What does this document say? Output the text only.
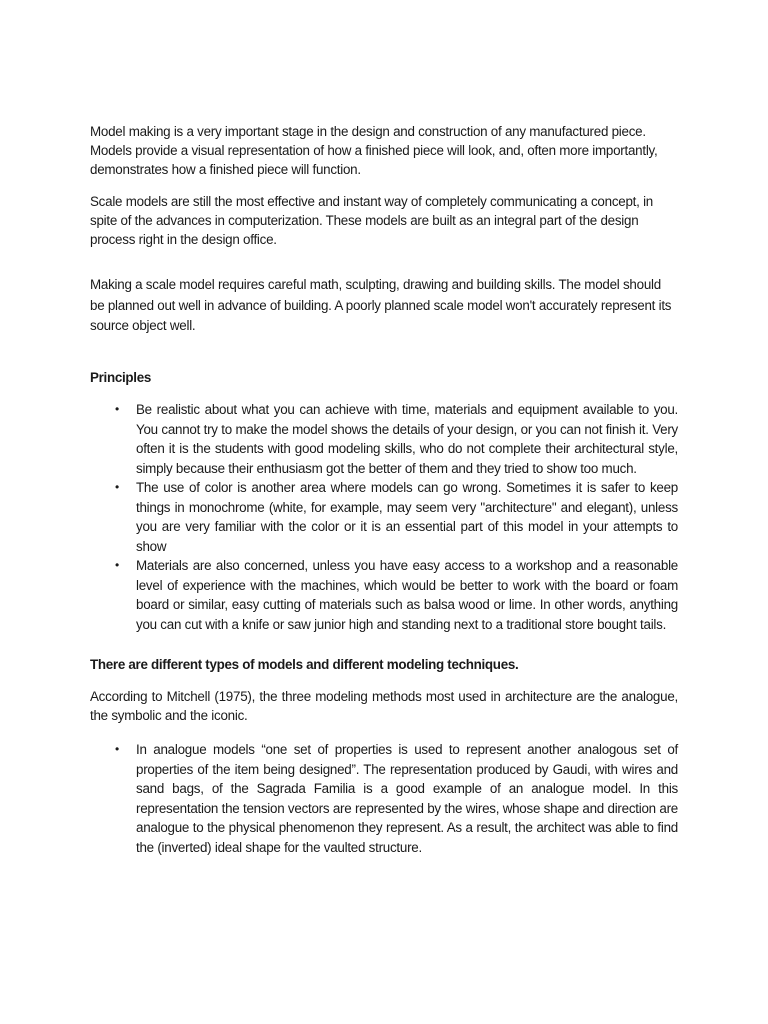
Model making is a very important stage in the design and construction of any manufactured piece. Models provide a visual representation of how a finished piece will look, and, often more importantly, demonstrates how a finished piece will function.

Scale models are still the most effective and instant way of completely communicating a concept, in spite of the advances in computerization. These models are built as an integral part of the design process right in the design office.

Making a scale model requires careful math, sculpting, drawing and building skills. The model should be planned out well in advance of building. A poorly planned scale model won't accurately represent its source object well.

Principles

• Be realistic about what you can achieve with time, materials and equipment available to you. You cannot try to make the model shows the details of your design, or you can not finish it. Very often it is the students with good modeling skills, who do not complete their architectural style, simply because their enthusiasm got the better of them and they tried to show too much.
• The use of color is another area where models can go wrong. Sometimes it is safer to keep things in monochrome (white, for example, may seem very "architecture" and elegant), unless you are very familiar with the color or it is an essential part of this model in your attempts to show
• Materials are also concerned, unless you have easy access to a workshop and a reasonable level of experience with the machines, which would be better to work with the board or foam board or similar, easy cutting of materials such as balsa wood or lime. In other words, anything you can cut with a knife or saw junior high and standing next to a traditional store bought tails.

There are different types of models and different modeling techniques.

According to Mitchell (1975), the three modeling methods most used in architecture are the analogue, the symbolic and the iconic.

• In analogue models “one set of properties is used to represent another analogous set of properties of the item being designed”. The representation produced by Gaudi, with wires and sand bags, of the Sagrada Familia is a good example of an analogue model. In this representation the tension vectors are represented by the wires, whose shape and direction are analogue to the physical phenomenon they represent. As a result, the architect was able to find the (inverted) ideal shape for the vaulted structure.
